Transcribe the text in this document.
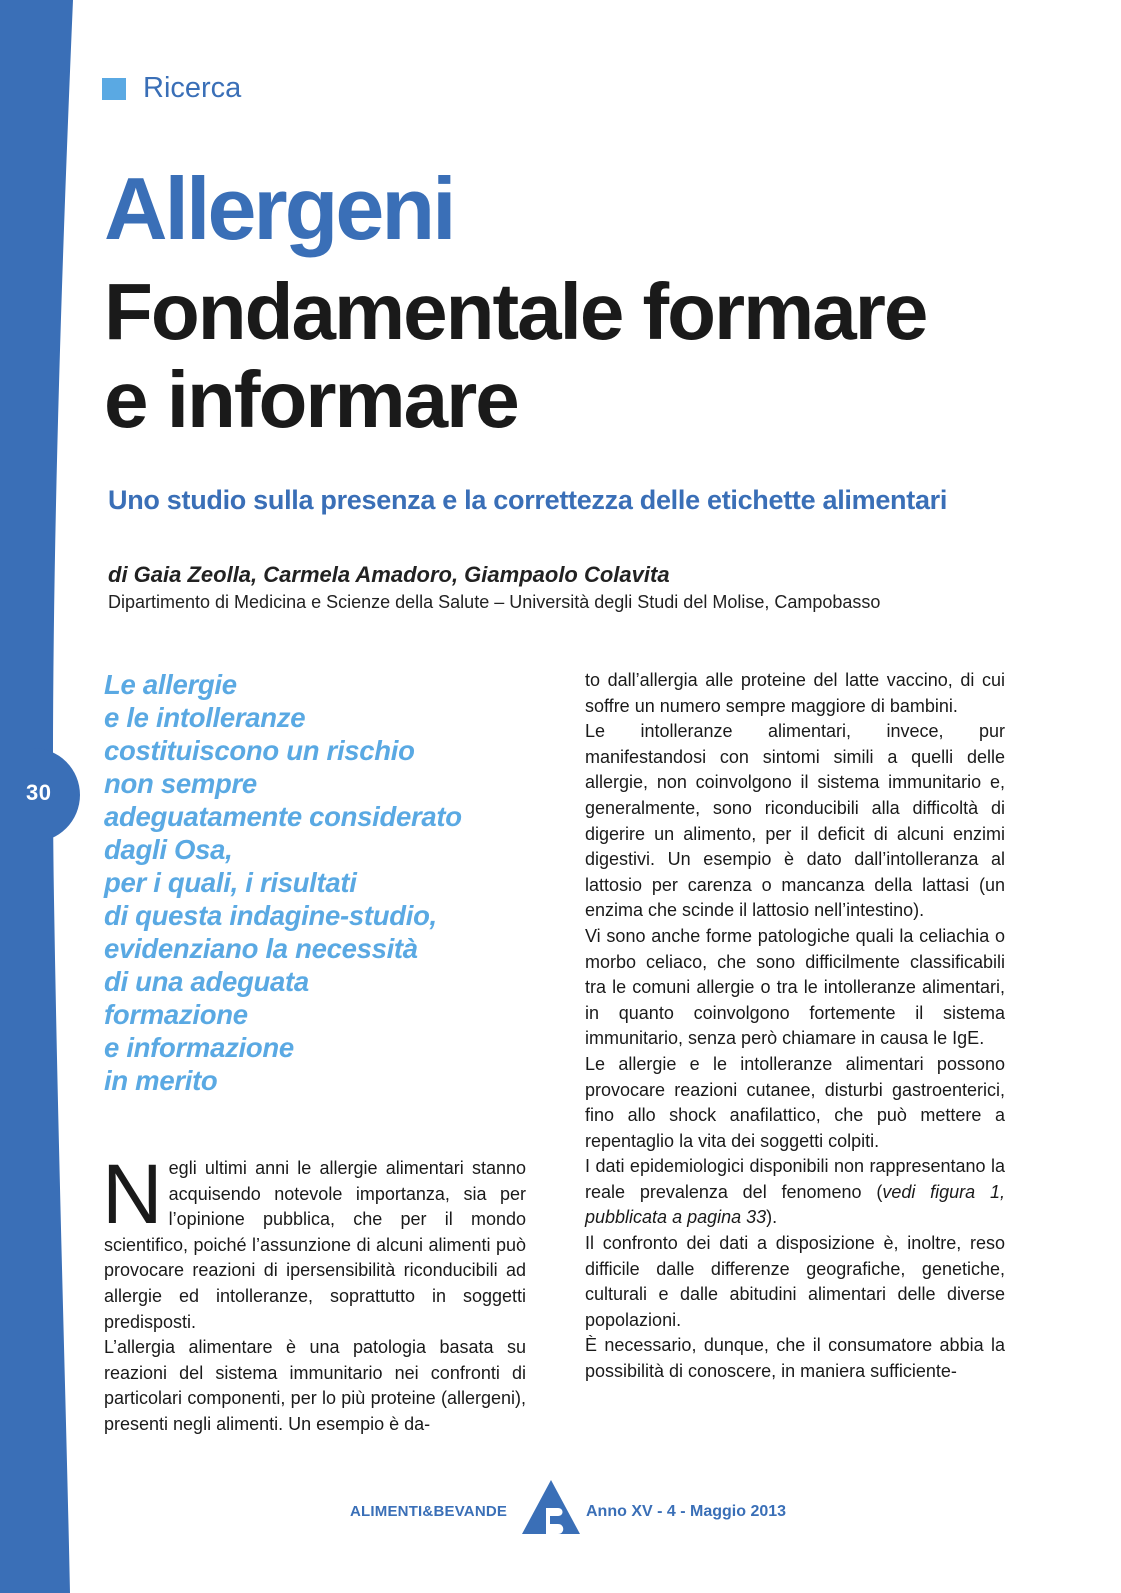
30
Ricerca
Allergeni
Fondamentale formare
e informare
Uno studio sulla presenza e la correttezza delle etichette alimentari
di Gaia Zeolla, Carmela Amadoro, Giampaolo Colavita
Dipartimento di Medicina e Scienze della Salute – Università degli Studi del Molise, Campobasso
Le allergie
e le intolleranze
costituiscono un rischio
non sempre
adeguatamente considerato
dagli Osa,
per i quali, i risultati
di questa indagine-studio,
evidenziano la necessità
di una adeguata
formazione
e informazione
in merito

Negli ultimi anni le allergie alimentari stanno acquisendo notevole importanza, sia per l’opinione pubblica, che per il mondo scientifico, poiché l’assunzione di alcuni alimenti può provocare reazioni di ipersensibilità riconducibili ad allergie ed intolleranze, soprattutto in soggetti predisposti.

L’allergia alimentare è una patologia basata su reazioni del sistema immunitario nei confronti di particolari componenti, per lo più proteine (allergeni), presenti negli alimenti. Un esempio è da-

to dall’allergia alle proteine del latte vaccino, di cui soffre un numero sempre maggiore di bambini.

Le intolleranze alimentari, invece, pur manifestandosi con sintomi simili a quelli delle allergie, non coinvolgono il sistema immunitario e, generalmente, sono riconducibili alla difficoltà di digerire un alimento, per il deficit di alcuni enzimi digestivi. Un esempio è dato dall’intolleranza al lattosio per carenza o mancanza della lattasi (un enzima che scinde il lattosio nell’intestino).

Vi sono anche forme patologiche quali la celiachia o morbo celiaco, che sono difficilmente classificabili tra le comuni allergie o tra le intolleranze alimentari, in quanto coinvolgono fortemente il sistema immunitario, senza però chiamare in causa le IgE.

Le allergie e le intolleranze alimentari possono provocare reazioni cutanee, disturbi gastroenterici, fino allo shock anafilattico, che può mettere a repentaglio la vita dei soggetti colpiti.

I dati epidemiologici disponibili non rappresentano la reale prevalenza del fenomeno (vedi figura 1, pubblicata a pagina 33).

Il confronto dei dati a disposizione è, inoltre, reso difficile dalle differenze geografiche, genetiche, culturali e dalle abitudini alimentari delle diverse popolazioni.

È necessario, dunque, che il consumatore abbia la possibilità di conoscere, in maniera sufficiente-

ALIMENTI&BEVANDE	Anno XV - 4 - Maggio 2013
